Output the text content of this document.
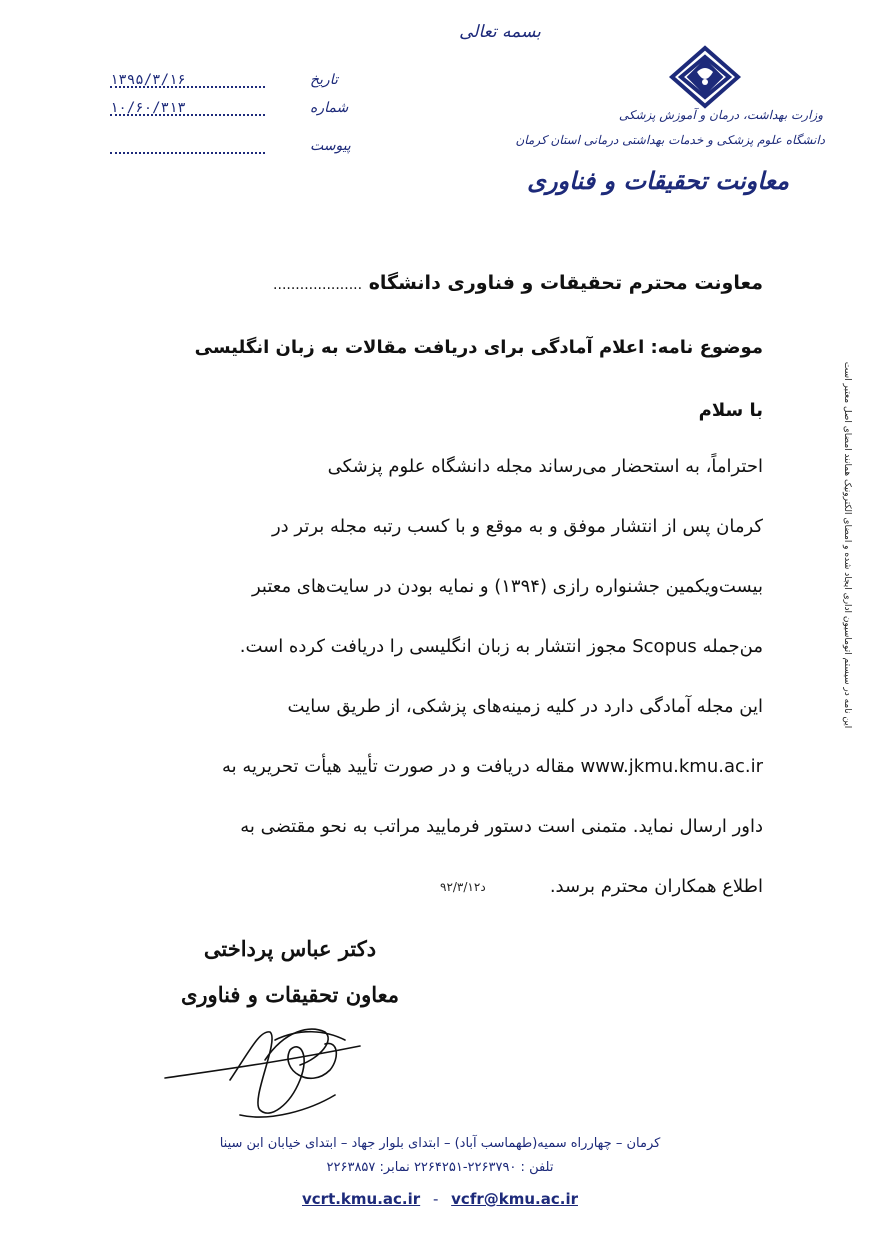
بسمه تعالی
تاریخ
۱۳۹۵/۳/۱۶
شماره
۱۰/۶۰/۳۱۳
پیوست
وزارت بهداشت، درمان و آموزش پزشکی
دانشگاه علوم پزشکی و خدمات بهداشتی درمانی استان کرمان
معاونت تحقیقات و فناوری
معاونت محترم تحقیقات و فناوری دانشگاه ....................
موضوع نامه: اعلام آمادگی برای دریافت مقالات به زبان انگلیسی
با سلام
احتراماً، به استحضار می‌رساند مجله دانشگاه علوم پزشکی
کرمان پس از انتشار موفق و به موقع و با کسب رتبه مجله برتر در
بیست‌ویکمین جشنواره رازی (۱۳۹۴) و نمایه بودن در سایت‌های معتبر
من‌جمله Scopus مجوز انتشار به زبان انگلیسی را دریافت کرده است.
این مجله آمادگی دارد در کلیه زمینه‌های پزشکی، از طریق سایت
www.jkmu.kmu.ac.ir مقاله دریافت و در صورت تأیید هیأت تحریریه به
داور ارسال نماید. متمنی است دستور فرمایید مراتب به نحو مقتضی به
اطلاع همکاران محترم برسد.
د۹۲/۳/۱۲
دکتر عباس پرداختی
معاون تحقیقات و فناوری
کرمان – چهارراه سمیه(طهماسب آباد) – ابتدای بلوار جهاد – ابتدای خیابان ابن سینا
تلفن : ۲۲۶۳۷۹۰-۲۲۶۴۲۵۱ نمابر: ۲۲۶۳۸۵۷
vcrt.kmu.ac.ir - vcfr@kmu.ac.ir
این نامه در سیستم اتوماسیون اداری ایجاد شده و امضای الکترونیک همانند امضای اصل معتبر است
